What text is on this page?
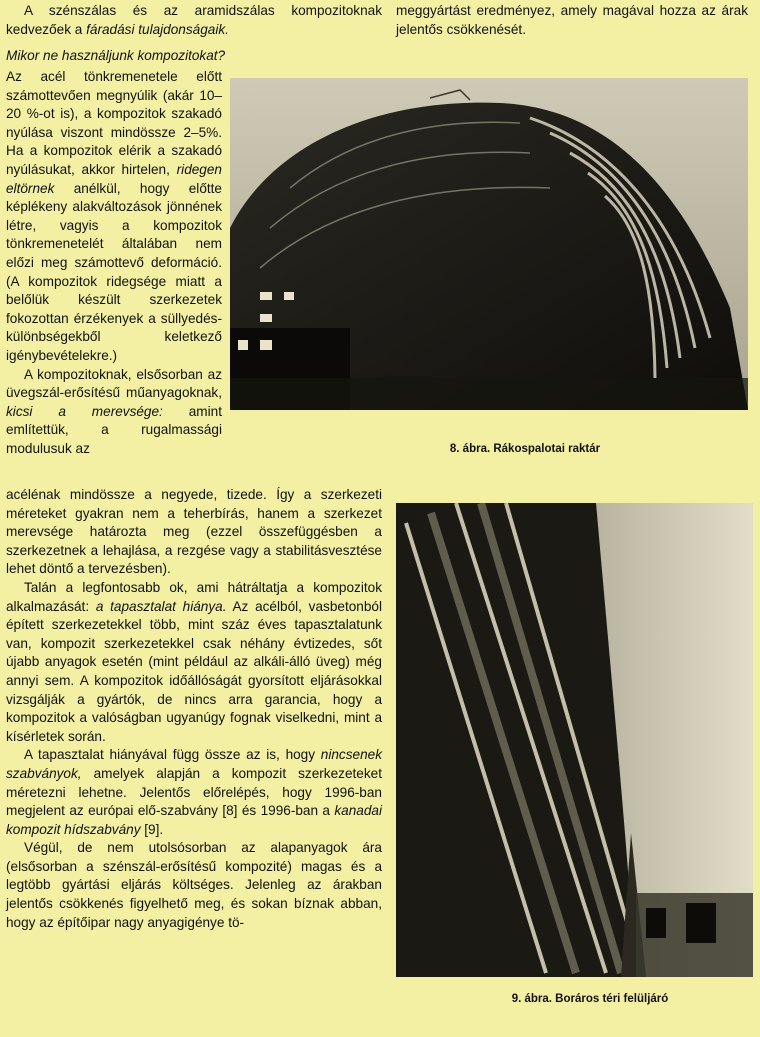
A szénszálas és az aramidszálas kompozitoknak kedvezőek a fáradási tulajdonságaik.

Mikor ne használjunk kompozitokat?

Az acél tönkremenetele előtt számottevően megnyúlik (akár 10–20 %-ot is), a kompozitok szakadó nyúlása viszont mindössze 2–5%. Ha a kompozitok elérik a szakadó nyúlásukat, akkor hirtelen, ridegen eltörnek anélkül, hogy előtte képlékeny alakváltozások jönnének létre, vagyis a kompozitok tönkremenetelét általában nem előzi meg számottevő deformáció. (A kompozitok ridegsége miatt a belőlük készült szerkezetek fokozottan érzékenyek a süllyedés-különbségekből keletkező igénybevételekre.)

A kompozitoknak, elsősorban az üvegszál-erősítésű műanyagoknak, kicsi a merevsége: amint említettük, a rugalmassági modulusuk az

acélénak mindössze a negyede, tizede. Így a szerkezeti méreteket gyakran nem a teherbírás, hanem a szerkezet merevsége határozta meg (ezzel összefüggésben a szerkezetnek a lehajlása, a rezgése vagy a stabilitásvesztése lehet döntő a tervezésben).

Talán a legfontosabb ok, ami hátráltatja a kompozitok alkalmazását: a tapasztalat hiánya. Az acélból, vasbetonból épített szerkezetekkel több, mint száz éves tapasztalatunk van, kompozit szerkezetekkel csak néhány évtizedes, sőt újabb anyagok esetén (mint például az alkáli-álló üveg) még annyi sem. A kompozitok időállóságát gyorsított eljárásokkal vizsgálják a gyártók, de nincs arra garancia, hogy a kompozitok a valóságban ugyanúgy fognak viselkedni, mint a kísérletek során.

A tapasztalat hiányával függ össze az is, hogy nincsenek szabványok, amelyek alapján a kompozit szerkezeteket méretezni lehetne. Jelentős előrelépés, hogy 1996-ban megjelent az európai elő-szabvány [8] és 1996-ban a kanadai kompozit hídszabvány [9].

Végül, de nem utolsósorban az alapanyagok ára (elsősorban a szénszál-erősítésű kompozité) magas és a legtöbb gyártási eljárás költséges. Jelenleg az árakban jelentős csökkenés figyelhető meg, és sokan bíznak abban, hogy az építőipar nagy anyagigénye tö-

meggyártást eredményez, amely magával hozza az árak jelentős csökkenését.

8. ábra. Rákospalotai raktár
9. ábra. Boráros téri felüljáró
